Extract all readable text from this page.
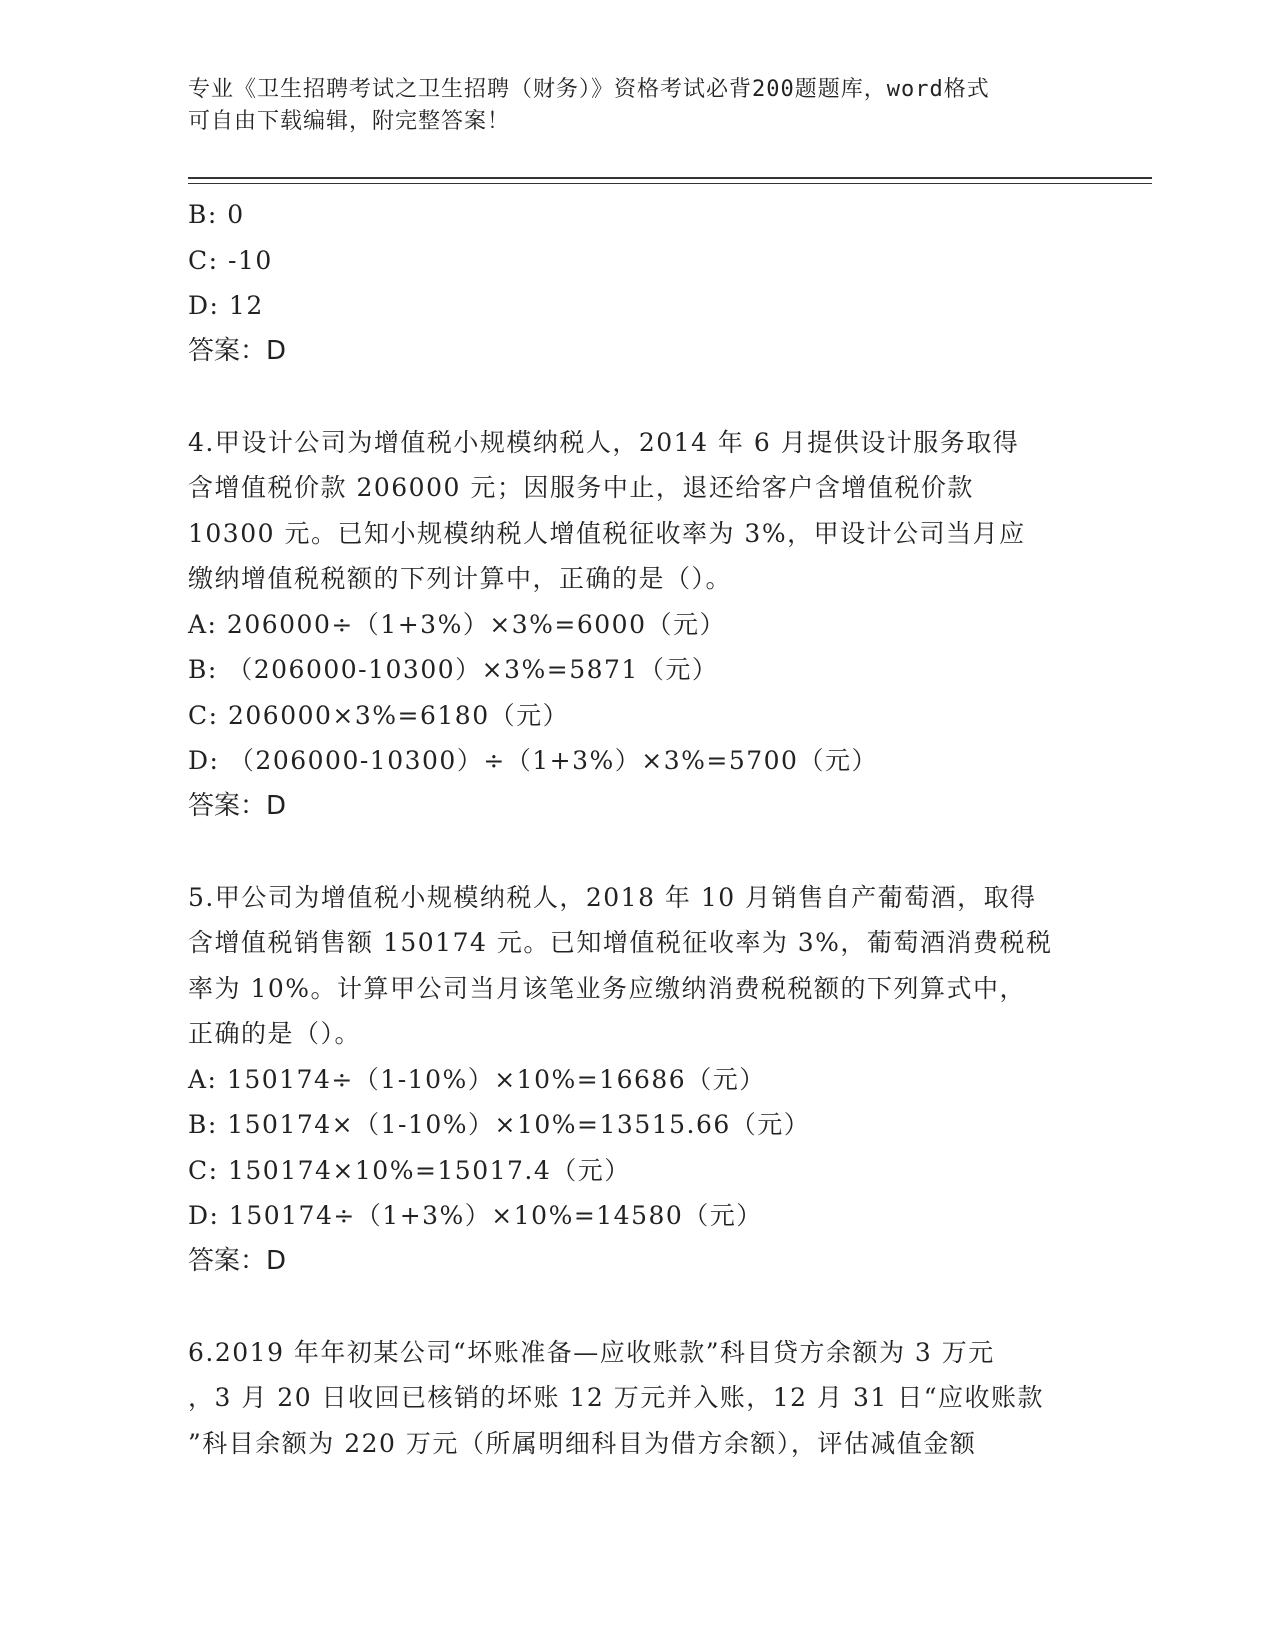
专业《卫生招聘考试之卫生招聘（财务）》资格考试必背200题题库，word格式
可自由下载编辑，附完整答案！
B: 0
C: -10
D: 12
答案：D
4.甲设计公司为增值税小规模纳税人，2014 年 6 月提供设计服务取得
含增值税价款 206000 元；因服务中止，退还给客户含增值税价款
10300 元。已知小规模纳税人增值税征收率为 3%，甲设计公司当月应
缴纳增值税税额的下列计算中，正确的是（）。
A: 206000÷（1+3%）×3%=6000（元）
B: （206000-10300）×3%=5871（元）
C: 206000×3%=6180（元）
D: （206000-10300）÷（1+3%）×3%=5700（元）
答案：D
5.甲公司为增值税小规模纳税人，2018 年 10 月销售自产葡萄酒，取得
含增值税销售额 150174 元。已知增值税征收率为 3%，葡萄酒消费税税
率为 10%。计算甲公司当月该笔业务应缴纳消费税税额的下列算式中，
正确的是（）。
A: 150174÷（1-10%）×10%=16686（元）
B: 150174×（1-10%）×10%=13515.66（元）
C: 150174×10%=15017.4（元）
D: 150174÷（1+3%）×10%=14580（元）
答案：D
6.2019 年年初某公司“坏账准备—应收账款”科目贷方余额为 3 万元
，3 月 20 日收回已核销的坏账 12 万元并入账，12 月 31 日“应收账款
”科目余额为 220 万元（所属明细科目为借方余额），评估减值金额
